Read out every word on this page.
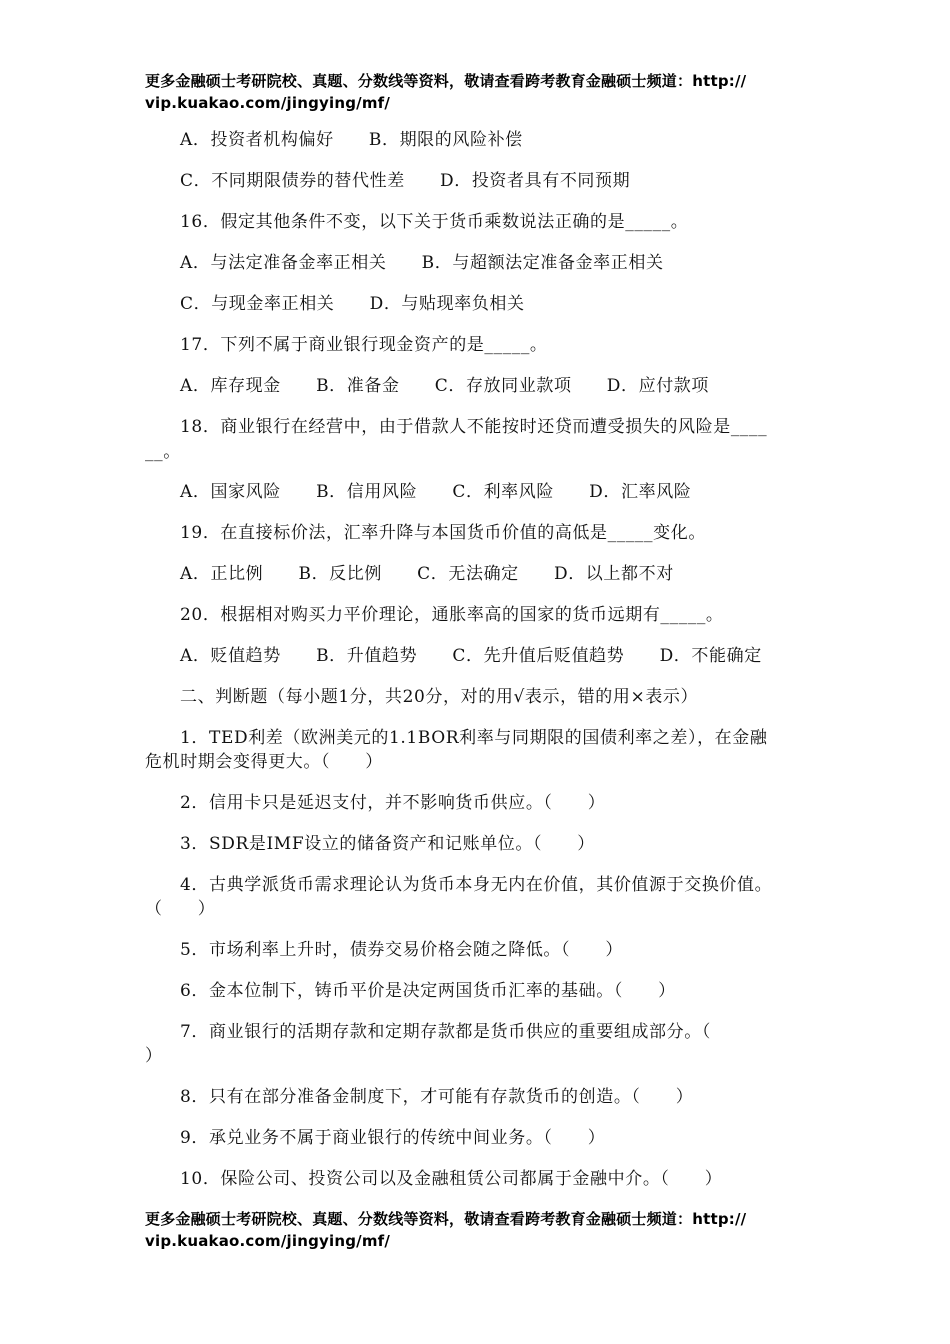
更多金融硕士考研院校、真题、分数线等资料，敬请查看跨考教育金融硕士频道：http://
vip.kuakao.com/jingying/mf/
A．投资者机构偏好　　B．期限的风险补偿
C．不同期限债券的替代性差　　D．投资者具有不同预期
16．假定其他条件不变，以下关于货币乘数说法正确的是_____。
A．与法定准备金率正相关　　B．与超额法定准备金率正相关
C．与现金率正相关　　D．与贴现率负相关
17．下列不属于商业银行现金资产的是_____。
A．库存现金　　B．准备金　　C．存放同业款项　　D．应付款项
18．商业银行在经营中，由于借款人不能按时还贷而遭受损失的风险是____
__。
A．国家风险　　B．信用风险　　C．利率风险　　D．汇率风险
19．在直接标价法，汇率升降与本国货币价值的高低是_____变化。
A．正比例　　B．反比例　　C．无法确定　　D．以上都不对
20．根据相对购买力平价理论，通胀率高的国家的货币远期有_____。
A．贬值趋势　　B．升值趋势　　C．先升值后贬值趋势　　D．不能确定
二、判断题（每小题1分，共20分，对的用√表示，错的用×表示）
1．TED利差（欧洲美元的1.1BOR利率与同期限的国债利率之差），在金融
危机时期会变得更大。（　　）
2．信用卡只是延迟支付，并不影响货币供应。（　　）
3．SDR是IMF设立的储备资产和记账单位。（　　）
4．古典学派货币需求理论认为货币本身无内在价值，其价值源于交换价值。
（　　）
5．市场利率上升时，债券交易价格会随之降低。（　　）
6．金本位制下，铸币平价是决定两国货币汇率的基础。（　　）
7．商业银行的活期存款和定期存款都是货币供应的重要组成部分。（
）
8．只有在部分准备金制度下，才可能有存款货币的创造。（　　）
9．承兑业务不属于商业银行的传统中间业务。（　　）
10．保险公司、投资公司以及金融租赁公司都属于金融中介。（　　）
更多金融硕士考研院校、真题、分数线等资料，敬请查看跨考教育金融硕士频道：http://
vip.kuakao.com/jingying/mf/
